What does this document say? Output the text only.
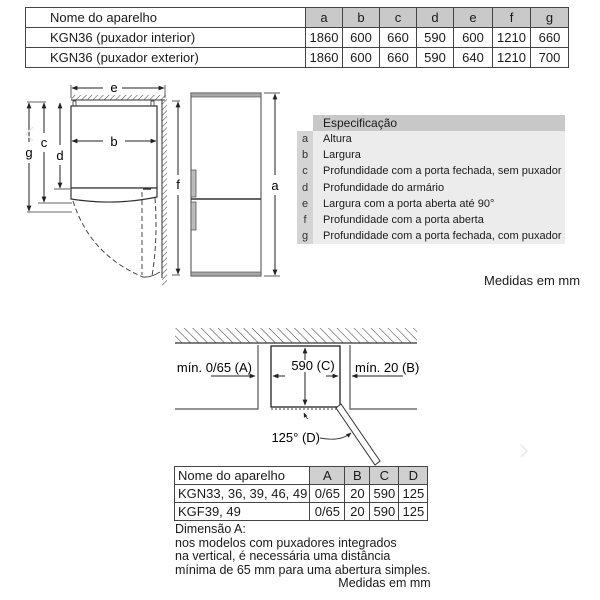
Nome do aparelho	a	b	c	d	e	f	g
KGN36 (puxador interior)	1860	600	660	590	600	1210	660
KGN36 (puxador exterior)	1860	600	660	590	640	1210	700
e
b
g
c
d
f	a
mín. 0/65 (A)	mín. 20 (B)
590 (C)
125° (D)
Especificação
a	Altura
b	Largura
c	Profundidade com a porta fechada, sem puxador
d	Profundidade do armário
e	Largura com a porta aberta até 90°
f	Profundidade com a porta aberta
g	Profundidade com a porta fechada, com puxador
Medidas em mm
Nome do aparelho	A	B	C	D
KGN33, 36, 39, 46, 49	0/65	20	590	125
KGF39, 49	0/65	20	590	125
Dimensão A:
nos modelos com puxadores integrados
na vertical, é necessária uma distância
mínima de 65 mm para uma abertura simples.
Medidas em mm
